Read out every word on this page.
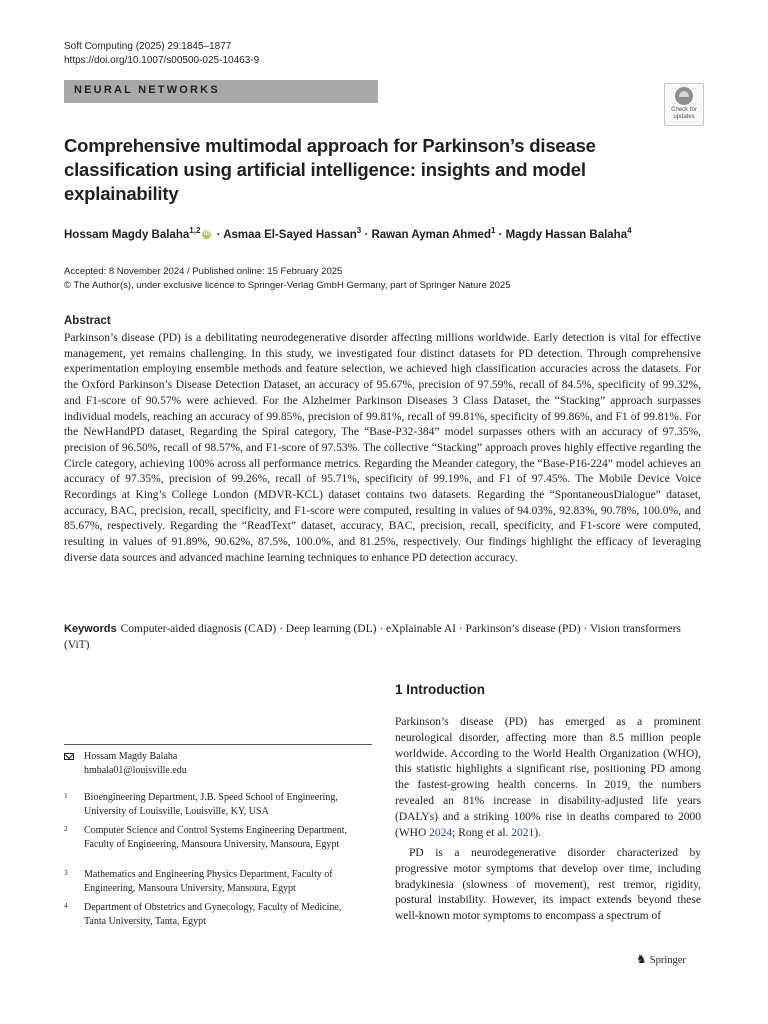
Soft Computing (2025) 29:1845–1877
https://doi.org/10.1007/s00500-025-10463-9
NEURAL NETWORKS
Check for
updates
Comprehensive multimodal approach for Parkinson’s disease classification using artificial intelligence: insights and model explainability
Hossam Magdy Balaha$^{1,2}$ iD · Asmaa El-Sayed Hassan$^3$ · Rawan Ayman Ahmed$^1$ · Magdy Hassan Balaha$^4$
Accepted: 8 November 2024 / Published online: 15 February 2025
© The Author(s), under exclusive licence to Springer-Verlag GmbH Germany, part of Springer Nature 2025
Abstract

Parkinson’s disease (PD) is a debilitating neurodegenerative disorder affecting millions worldwide. Early detection is vital for effective management, yet remains challenging. In this study, we investigated four distinct datasets for PD detection. Through comprehensive experimentation employing ensemble methods and feature selection, we achieved high classification accuracies across the datasets. For the Oxford Parkinson’s Disease Detection Dataset, an accuracy of 95.67%, precision of 97.59%, recall of 84.5%, specificity of 99.32%, and F1-score of 90.57% were achieved. For the Alzheimer Parkinson Diseases 3 Class Dataset, the “Stacking” approach surpasses individual models, reaching an accuracy of 99.85%, precision of 99.81%, recall of 99.81%, specificity of 99.86%, and F1 of 99.81%. For the NewHandPD dataset, Regarding the Spiral category, The “Base-P32-384” model surpasses others with an accuracy of 97.35%, precision of 96.50%, recall of 98.57%, and F1-score of 97.53%. The collective “Stacking” approach proves highly effective regarding the Circle category, achieving 100% across all performance metrics. Regarding the Meander category, the “Base-P16-224” model achieves an accuracy of 97.35%, precision of 99.26%, recall of 95.71%, specificity of 99.19%, and F1 of 97.45%. The Mobile Device Voice Recordings at King’s College London (MDVR-KCL) dataset contains two datasets. Regarding the “SpontaneousDialogue” dataset, accuracy, BAC, precision, recall, specificity, and F1-score were computed, resulting in values of 94.03%, 92.83%, 90.78%, 100.0%, and 85.67%, respectively. Regarding the “ReadText” dataset, accuracy, BAC, precision, recall, specificity, and F1-score were computed, resulting in values of 91.89%, 90.62%, 87.5%, 100.0%, and 81.25%, respectively. Our findings highlight the efficacy of leveraging diverse data sources and advanced machine learning techniques to enhance PD detection accuracy.

Keywords Computer-aided diagnosis (CAD) · Deep learning (DL) · eXplainable AI · Parkinson’s disease (PD) · Vision transformers (ViT)

1 Introduction

Parkinson’s disease (PD) has emerged as a prominent neurological disorder, affecting more than 8.5 million people worldwide. According to the World Health Organization (WHO), this statistic highlights a significant rise, positioning PD among the fastest-growing health concerns. In 2019, the numbers revealed an 81% increase in disability-adjusted life years (DALYs) and a striking 100% rise in deaths compared to 2000 (WHO 2024; Rong et al. 2021).

PD is a neurodegenerative disorder characterized by progressive motor symptoms that develop over time, including bradykinesia (slowness of movement), rest tremor, rigidity, postural instability. However, its impact extends beyond these well-known motor symptoms to encompass a spectrum of

Hossam Magdy Balaha
hmbala01@louisville.edu
1 Bioengineering Department, J.B. Speed School of Engineering, University of Louisville, Louisville, KY, USA
2 Computer Science and Control Systems Engineering Department, Faculty of Engineering, Mansoura University, Mansoura, Egypt
3 Mathematics and Engineering Physics Department, Faculty of Engineering, Mansoura University, Mansoura, Egypt
4 Department of Obstetrics and Gynecology, Faculty of Medicine, Tanta University, Tanta, Egypt
♞ Springer
